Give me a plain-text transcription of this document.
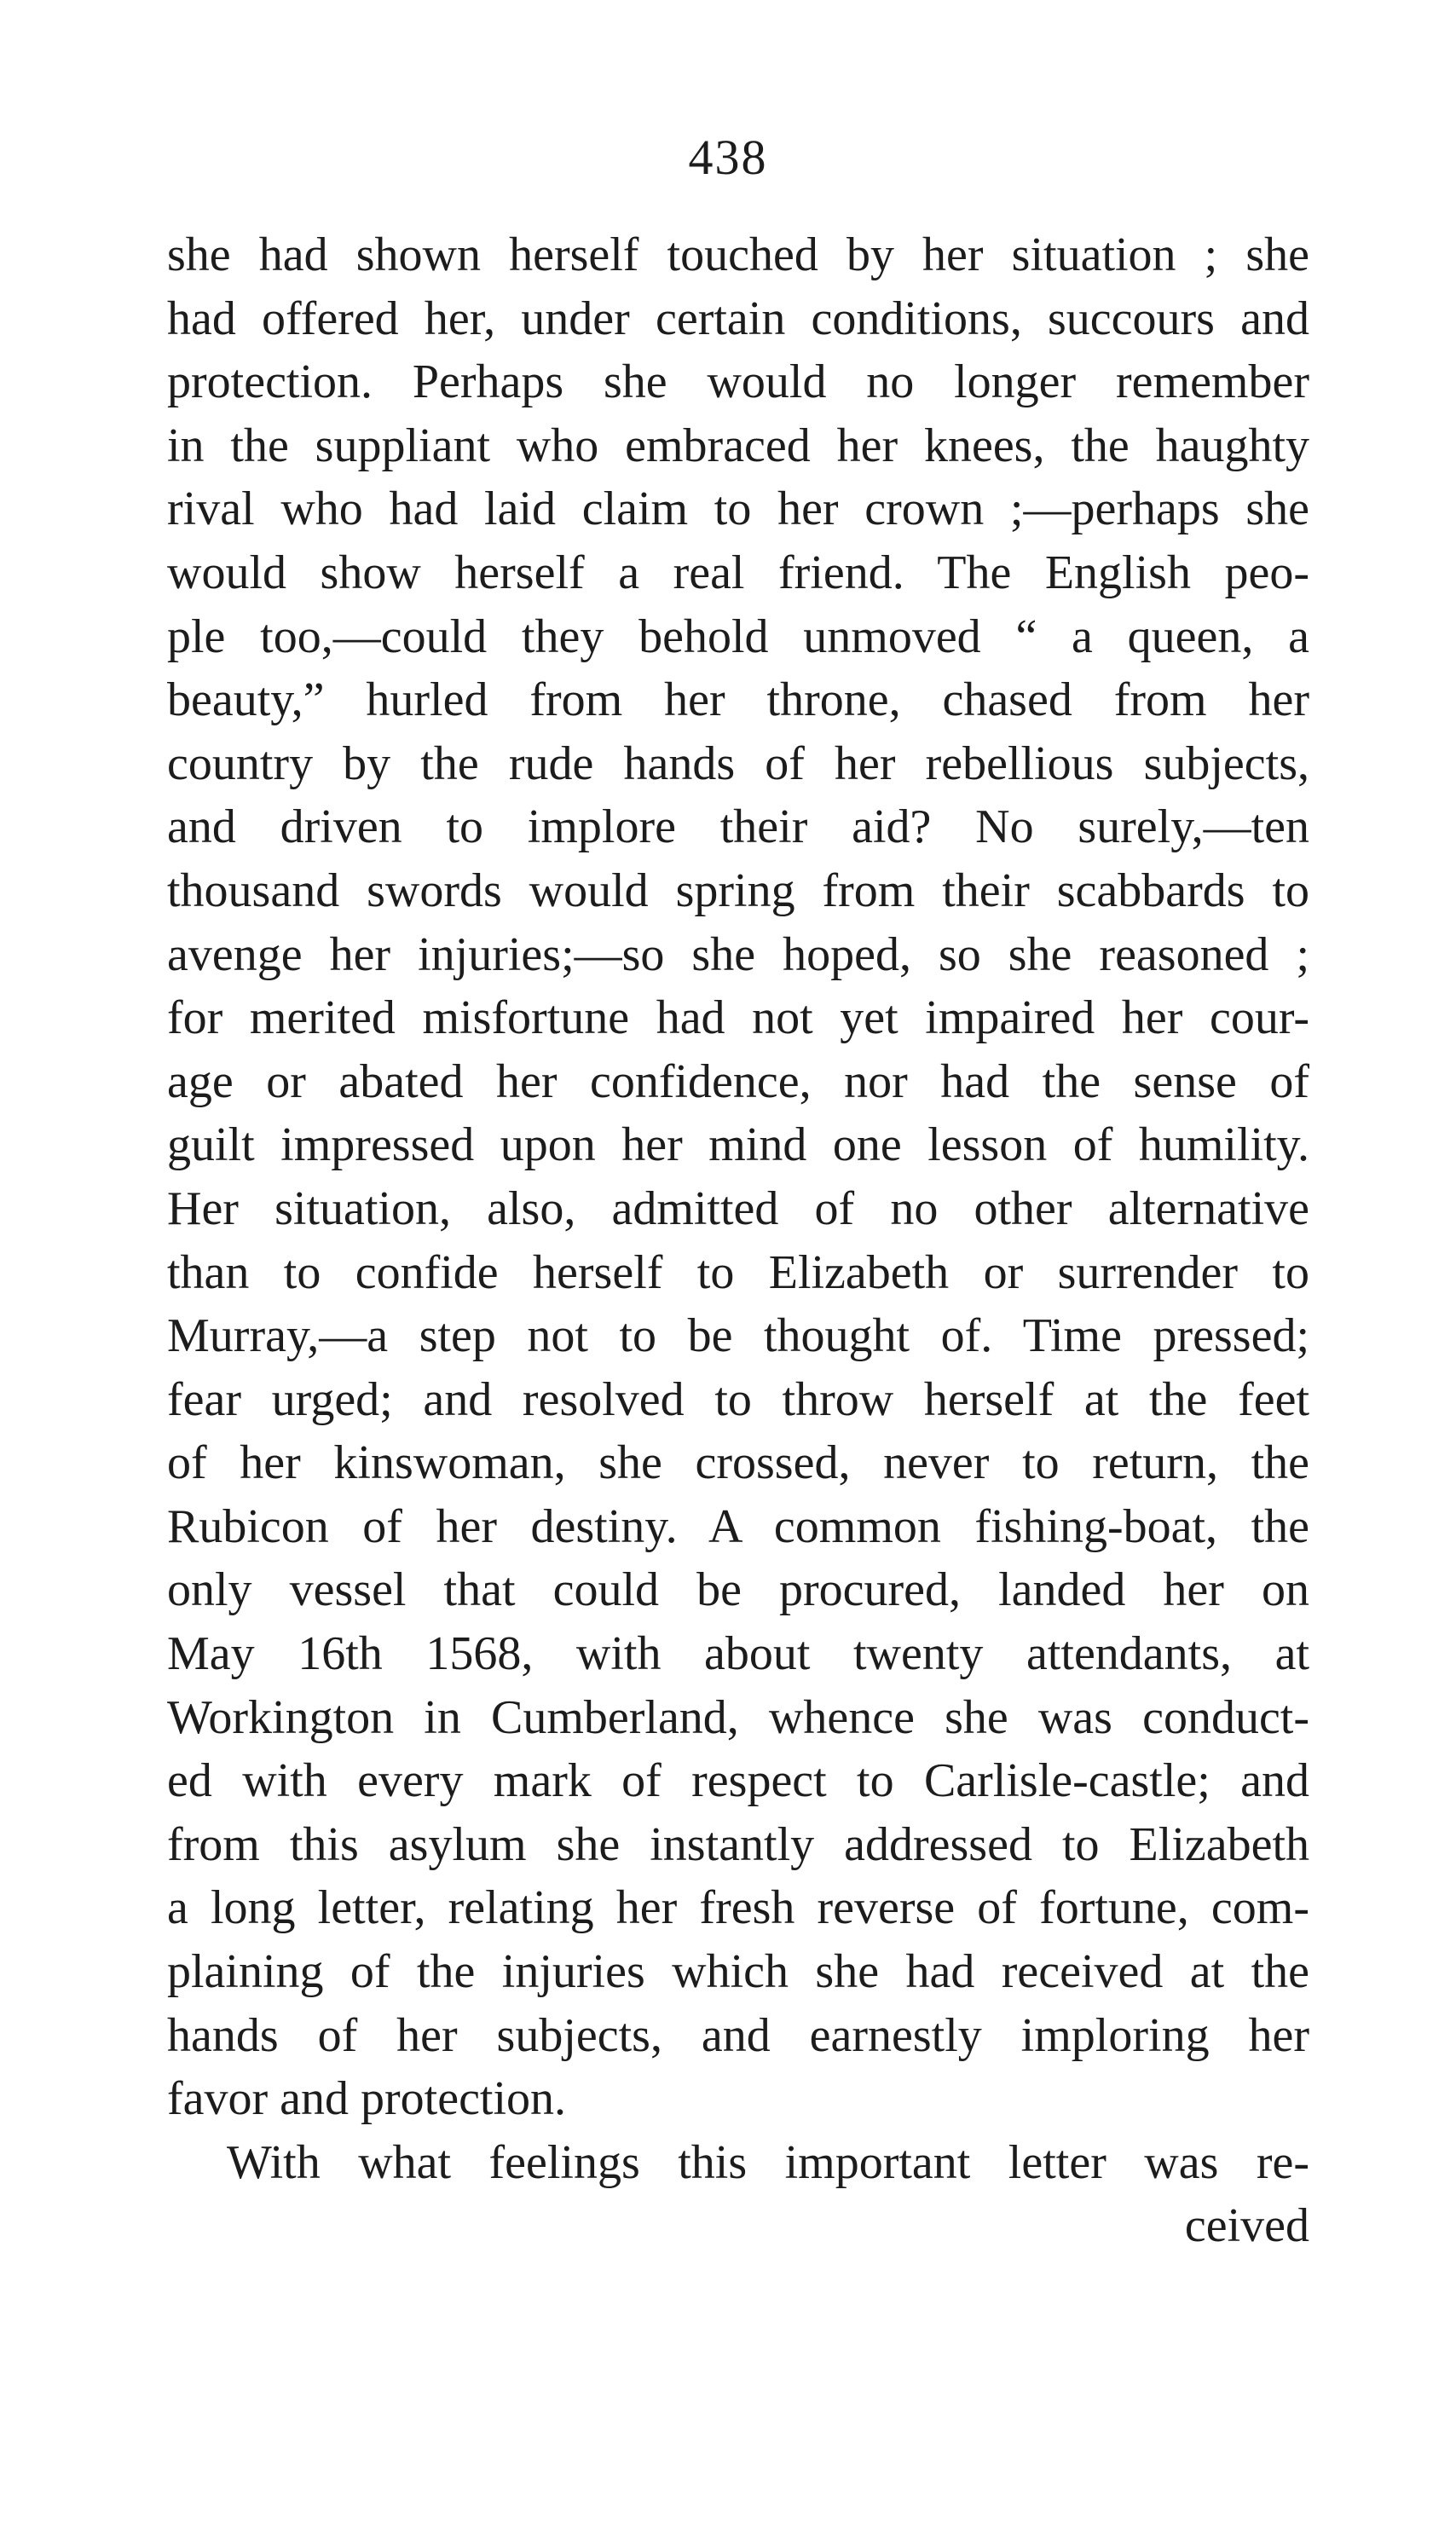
438
she had shown herself touched by her situation ; she
had offered her, under certain conditions, succours and
protection. Perhaps she would no longer remember
in the suppliant who embraced her knees, the haughty
rival who had laid claim to her crown ;—perhaps she
would show herself a real friend. The English peo-
ple too,—could they behold unmoved “ a queen, a
beauty,” hurled from her throne, chased from her
country by the rude hands of her rebellious subjects,
and driven to implore their aid? No surely,—ten
thousand swords would spring from their scabbards to
avenge her injuries;—so she hoped, so she reasoned ;
for merited misfortune had not yet impaired her cour-
age or abated her confidence, nor had the sense of
guilt impressed upon her mind one lesson of humility.
Her situation, also, admitted of no other alternative
than to confide herself to Elizabeth or surrender to
Murray,—a step not to be thought of. Time pressed;
fear urged; and resolved to throw herself at the feet
of her kinswoman, she crossed, never to return, the
Rubicon of her destiny. A common fishing-boat, the
only vessel that could be procured, landed her on
May 16th 1568, with about twenty attendants, at
Workington in Cumberland, whence she was conduct-
ed with every mark of respect to Carlisle-castle; and
from this asylum she instantly addressed to Elizabeth
a long letter, relating her fresh reverse of fortune, com-
plaining of the injuries which she had received at the
hands of her subjects, and earnestly imploring her
favor and protection.
With what feelings this important letter was re-
ceived
